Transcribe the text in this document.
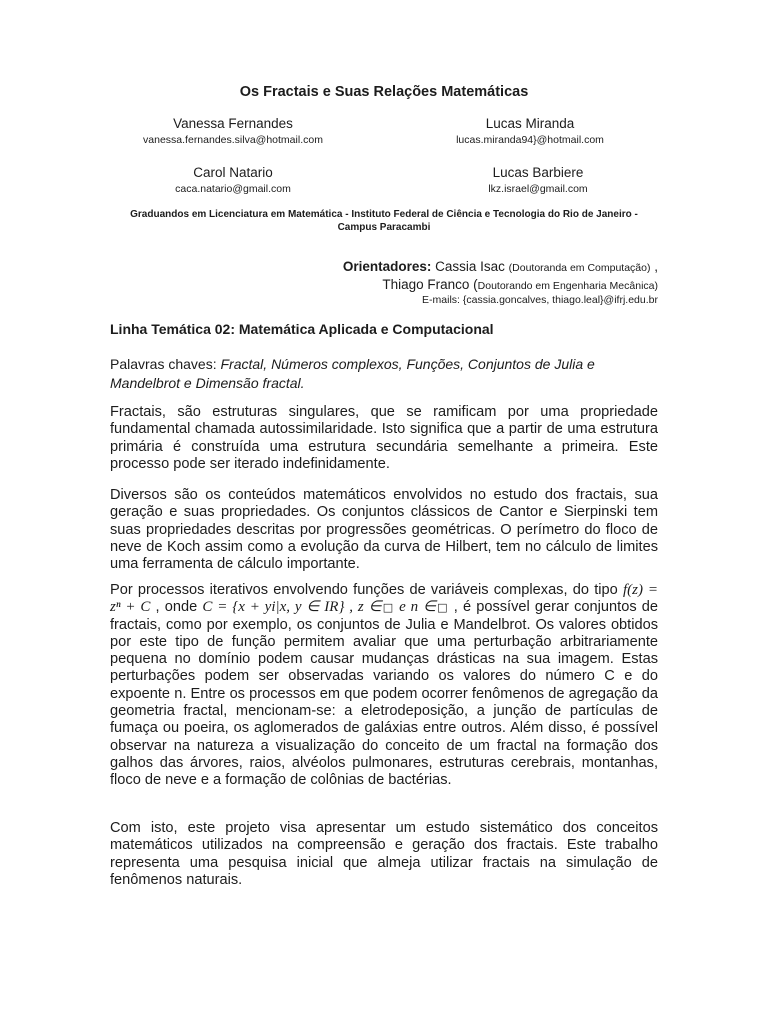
Os Fractais e Suas Relações Matemáticas
Vanessa Fernandes
vanessa.fernandes.silva@hotmail.com
Lucas Miranda
lucas.miranda94}@hotmail.com
Carol Natario
caca.natario@gmail.com
Lucas Barbiere
lkz.israel@gmail.com
Graduandos em Licenciatura em Matemática - Instituto Federal de Ciência e Tecnologia do Rio de Janeiro - Campus Paracambi
Orientadores: Cassia Isac (Doutoranda em Computação) ,
Thiago Franco (Doutorando em Engenharia Mecânica)
E-mails: {cassia.goncalves, thiago.leal}@ifrj.edu.br
Linha Temática 02: Matemática Aplicada e Computacional
Palavras chaves: Fractal, Números complexos, Funções, Conjuntos de Julia e Mandelbrot e Dimensão fractal.

Fractais, são estruturas singulares, que se ramificam por uma propriedade fundamental chamada autossimilaridade. Isto significa que a partir de uma estrutura primária é construída uma estrutura secundária semelhante a primeira. Este processo pode ser iterado indefinidamente.

Diversos são os conteúdos matemáticos envolvidos no estudo dos fractais, sua geração e suas propriedades. Os conjuntos clássicos de Cantor e Sierpinski tem suas propriedades descritas por progressões geométricas. O perímetro do floco de neve de Koch assim como a evolução da curva de Hilbert, tem no cálculo de limites uma ferramenta de cálculo importante.

Por processos iterativos envolvendo funções de variáveis complexas, do tipo f(z) = zⁿ + C , onde C = {x + yi|x, y ∈ IR} , z ∈□ e n ∈□ , é possível gerar conjuntos de fractais, como por exemplo, os conjuntos de Julia e Mandelbrot. Os valores obtidos por este tipo de função permitem avaliar que uma perturbação arbitrariamente pequena no domínio podem causar mudanças drásticas na sua imagem. Estas perturbações podem ser observadas variando os valores do número C e do expoente n. Entre os processos em que podem ocorrer fenômenos de agregação da geometria fractal, mencionam-se: a eletrodeposição, a junção de partículas de fumaça ou poeira, os aglomerados de galáxias entre outros. Além disso, é possível observar na natureza a visualização do conceito de um fractal na formação dos galhos das árvores, raios, alvéolos pulmonares, estruturas cerebrais, montanhas, floco de neve e a formação de colônias de bactérias.

Com isto, este projeto visa apresentar um estudo sistemático dos conceitos matemáticos utilizados na compreensão e geração dos fractais. Este trabalho representa uma pesquisa inicial que almeja utilizar fractais na simulação de fenômenos naturais.
